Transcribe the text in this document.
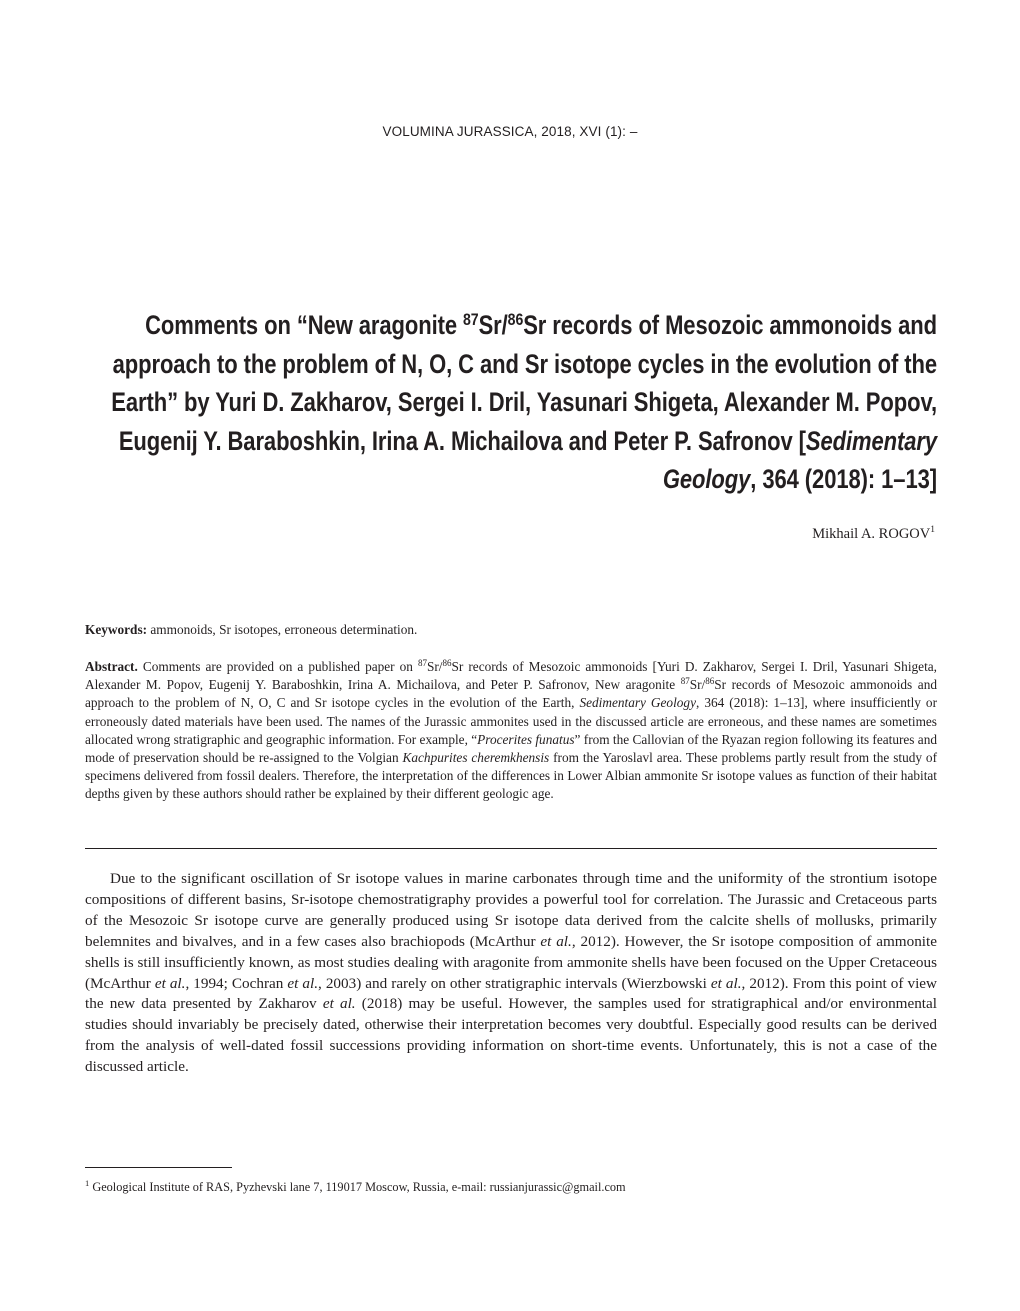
VOLUMINA JURASSICA, 2018, XVI (1): –
Comments on “New aragonite $^{87}$Sr/$^{86}$Sr records of Mesozoic ammonoids and approach to the problem of N, O, C and Sr isotope cycles in the evolution of the Earth” by Yuri D. Zakharov, Sergei I. Dril, Yasunari Shigeta, Alexander M. Popov, Eugenij Y. Baraboshkin, Irina A. Michailova and Peter P. Safronov [Sedimentary Geology, 364 (2018): 1–13]
Mikhail A. ROGOV$^1$
Keywords: ammonoids, Sr isotopes, erroneous determination.

Abstract. Comments are provided on a published paper on $^{87}$Sr/$^{86}$Sr records of Mesozoic ammonoids [Yuri D. Zakharov, Sergei I. Dril, Yasunari Shigeta, Alexander M. Popov, Eugenij Y. Baraboshkin, Irina A. Michailova, and Peter P. Safronov, New aragonite $^{87}$Sr/$^{86}$Sr records of Mesozoic ammonoids and approach to the problem of N, O, C and Sr isotope cycles in the evolution of the Earth, Sedimentary Geology, 364 (2018): 1–13], where insufficiently or erroneously dated materials have been used. The names of the Jurassic ammonites used in the discussed article are erroneous, and these names are sometimes allocated wrong stratigraphic and geographic information. For example, “Procerites funatus” from the Callovian of the Ryazan region following its features and mode of preservation should be re-assigned to the Volgian Kachpurites cheremkhensis from the Yaroslavl area. These problems partly result from the study of specimens delivered from fossil dealers. Therefore, the interpretation of the differences in Lower Albian ammonite Sr isotope values as function of their habitat depths given by these authors should rather be explained by their different geologic age.

Due to the significant oscillation of Sr isotope values in marine carbonates through time and the uniformity of the strontium isotope compositions of different basins, Sr-isotope chemostratigraphy provides a powerful tool for correlation. The Jurassic and Cretaceous parts of the Mesozoic Sr isotope curve are generally produced using Sr isotope data derived from the calcite shells of mollusks, primarily belemnites and bivalves, and in a few cases also brachiopods (McArthur et al., 2012). However, the Sr isotope composition of ammonite shells is still insufficiently known, as most studies dealing with aragonite from ammonite shells have been focused on the Upper Cretaceous (McArthur et al., 1994; Cochran et al., 2003) and rarely on other stratigraphic intervals (Wierzbowski et al., 2012). From this point of view the new data presented by Zakharov et al. (2018) may be useful. However, the samples used for stratigraphical and/or environmental studies should invariably be precisely dated, otherwise their interpretation becomes very doubtful. Especially good results can be derived from the analysis of well-dated fossil successions providing information on short-time events. Unfortunately, this is not a case of the discussed article.

$^1$ Geological Institute of RAS, Pyzhevski lane 7, 119017 Moscow, Russia, e-mail: russianjurassic@gmail.com
